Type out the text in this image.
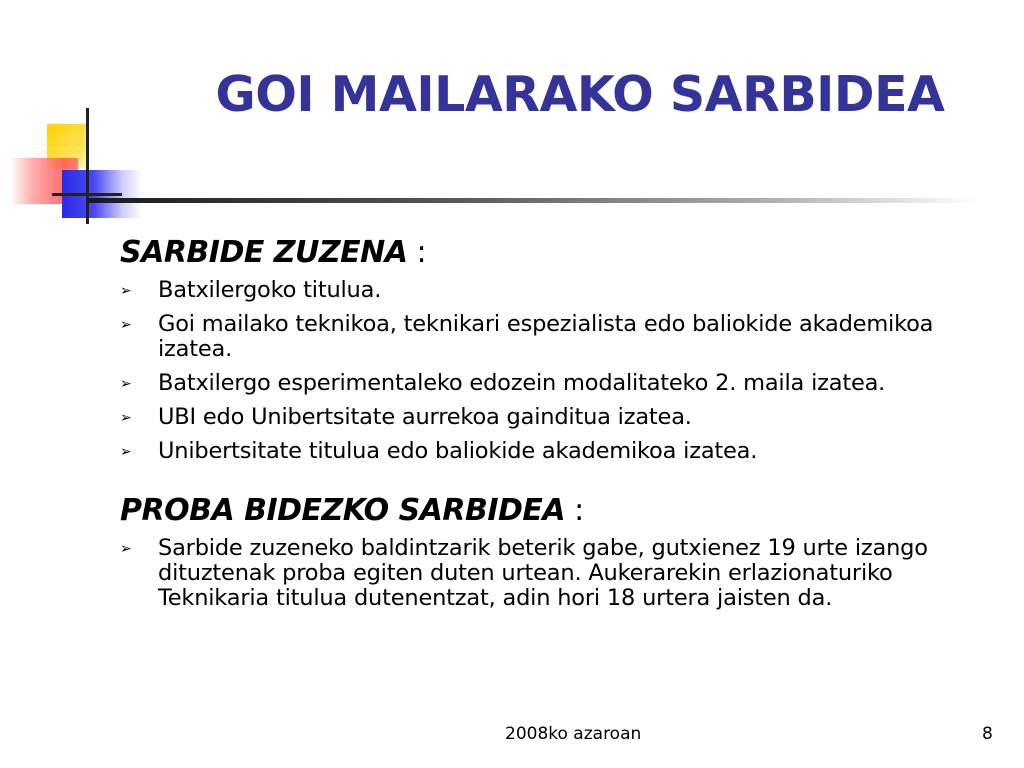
GOI MAILARAKO SARBIDEA
SARBIDE ZUZENA :
➢ Batxilergoko titulua.
➢ Goi mailako teknikoa, teknikari espezialista edo baliokide akademikoa izatea.
➢ Batxilergo esperimentaleko edozein modalitateko 2. maila izatea.
➢ UBI edo Unibertsitate aurrekoa gainditua izatea.
➢ Unibertsitate titulua edo baliokide akademikoa izatea.
PROBA BIDEZKO SARBIDEA :
➢ Sarbide zuzeneko baldintzarik beterik gabe, gutxienez 19 urte izango dituztenak proba egiten duten urtean. Aukerarekin erlazionaturiko Teknikaria titulua dutenentzat, adin hori 18 urtera jaisten da.
2008ko azaroan	8
